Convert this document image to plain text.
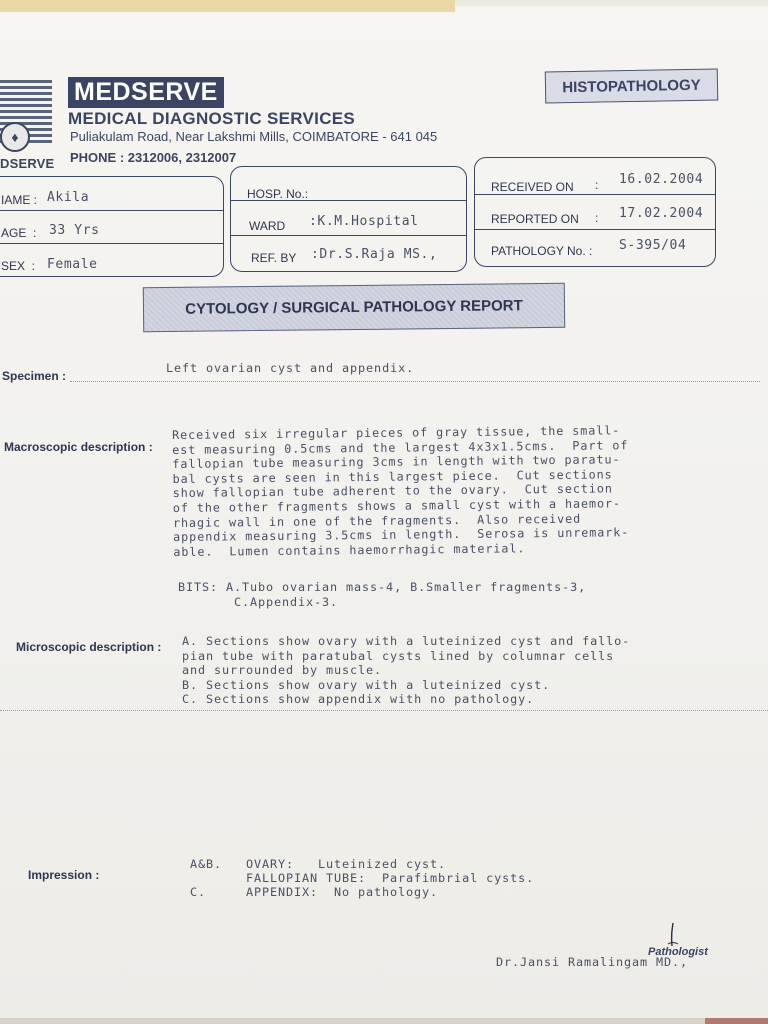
♦
DSERVE
MEDSERVE
MEDICAL DIAGNOSTIC SERVICES
Puliakulam Road, Near Lakshmi Mills, COIMBATORE - 641 045
PHONE : 2312006, 2312007
HISTOPATHOLOGY
IAME : Akila
AGE  : 33 Yrs
SEX  : Female
HOSP. No.:
WARD :K.M.Hospital
REF. BY :Dr.S.Raja MS.,
RECEIVED ON : 16.02.2004
REPORTED ON : 17.02.2004
PATHOLOGY No. : S-395/04
CYTOLOGY / SURGICAL PATHOLOGY REPORT
Specimen :
Left ovarian cyst and appendix.
Macroscopic description :
Received six irregular pieces of gray tissue, the small-
est measuring 0.5cms and the largest 4x3x1.5cms.  Part of
fallopian tube measuring 3cms in length with two paratu-
bal cysts are seen in this largest piece.  Cut sections
show fallopian tube adherent to the ovary.  Cut section
of the other fragments shows a small cyst with a haemor-
rhagic wall in one of the fragments.  Also received
appendix measuring 3.5cms in length.  Serosa is unremark-
able.  Lumen contains haemorrhagic material.
BITS: A.Tubo ovarian mass-4, B.Smaller fragments-3,
C.Appendix-3.
Microscopic description : A. Sections show ovary with a luteinized cyst and fallo-
pian tube with paratubal cysts lined by columnar cells
and surrounded by muscle.
B. Sections show ovary with a luteinized cyst.
C. Sections show appendix with no pathology.
Impression :
A&B. OVARY:   Luteinized cyst.
FALLOPIAN TUBE:  Parafimbrial cysts.
C.	APPENDIX:  No pathology.
Pathologist
Dr.Jansi Ramalingam MD.,
